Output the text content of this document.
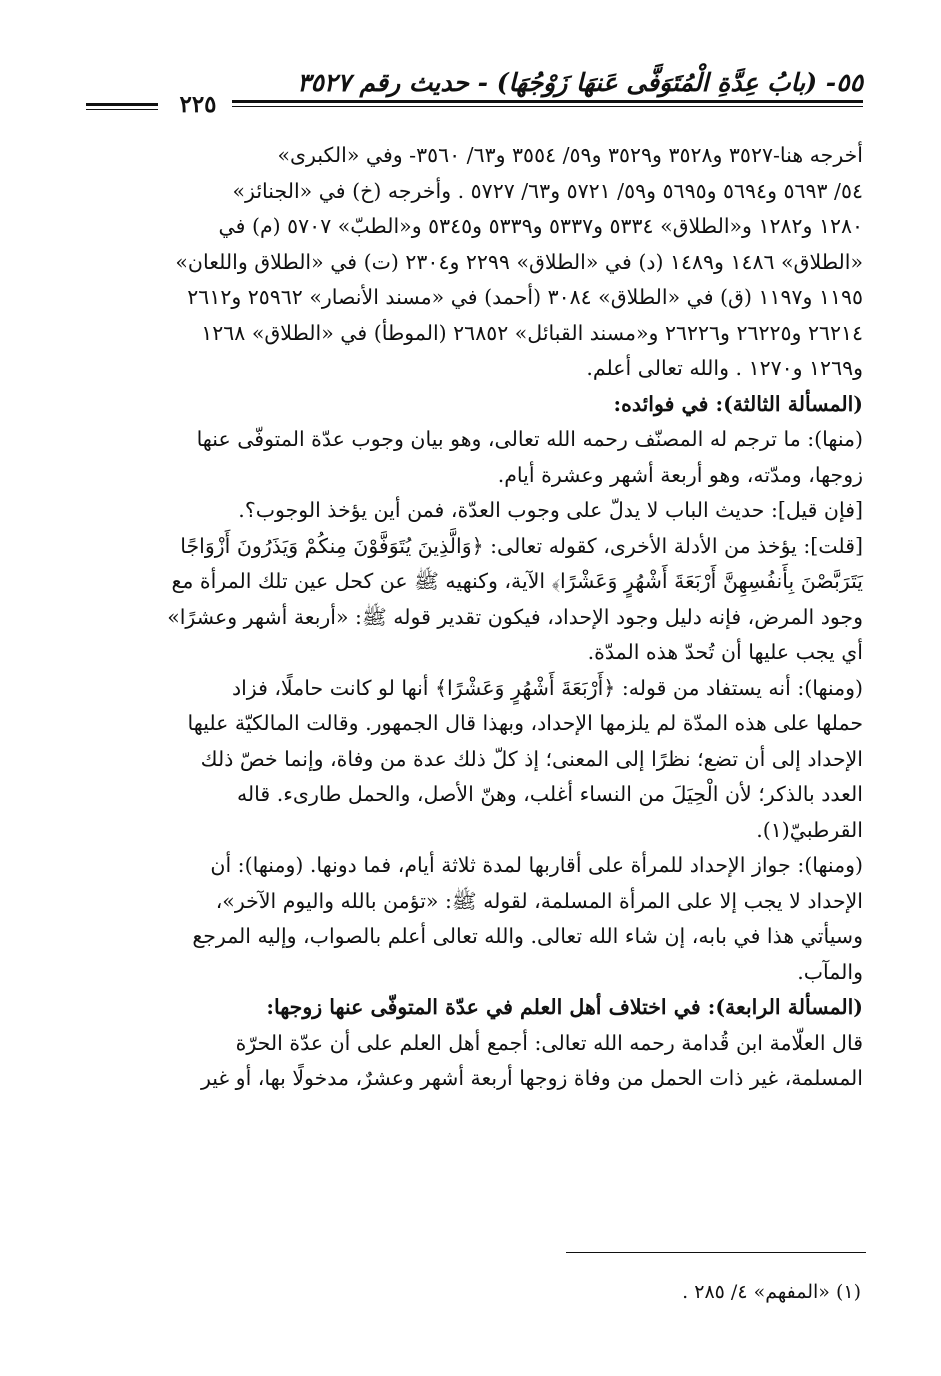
٥٥- (بابُ عِدَّةِ الْمُتَوَفَّى عَنهَا زَوْجُهَا) - حديث رقم ٣٥٢٧
٢٢٥
أخرجه هنا-٣٥٢٧ و٣٥٢٨ و٣٥٢٩ و٥٩/ ٣٥٥٤ و٦٣/ ٣٥٦٠- وفي «الكبرى»
٥٤/ ٥٦٩٣ و٥٦٩٤ و٥٦٩٥ و٥٩/ ٥٧٢١ و٦٣/ ٥٧٢٧ . وأخرجه (خ) في «الجنائز»
١٢٨٠ و١٢٨٢ و«الطلاق» ٥٣٣٤ و٥٣٣٧ و٥٣٣٩ و٥٣٤٥ و«الطبّ» ٥٧٠٧ (م) في
«الطلاق» ١٤٨٦ و١٤٨٩ (د) في «الطلاق» ٢٢٩٩ و٢٣٠٤ (ت) في «الطلاق واللعان»
١١٩٥ و١١٩٧ (ق) في «الطلاق» ٣٠٨٤ (أحمد) في «مسند الأنصار» ٢٥٩٦٢ و٢٦١٢
٢٦٢١٤ و٢٦٢٢٥ و٢٦٢٢٦ و«مسند القبائل» ٢٦٨٥٢ (الموطأ) في «الطلاق» ١٢٦٨
و١٢٦٩ و١٢٧٠ . والله تعالى أعلم.
(المسألة الثالثة): في فوائده:
(منها): ما ترجم له المصنّف رحمه الله تعالى، وهو بيان وجوب عدّة المتوفّى عنها
زوجها، ومدّته، وهو أربعة أشهر وعشرة أيام.
[فإن قيل]: حديث الباب لا يدلّ على وجوب العدّة، فمن أين يؤخذ الوجوب؟.
[قلت]: يؤخذ من الأدلة الأخرى، كقوله تعالى: ﴿وَالَّذِينَ يُتَوَفَّوْنَ مِنكُمْ وَيَذَرُونَ أَزْوَاجًا
يَتَرَبَّصْنَ بِأَنفُسِهِنَّ أَرْبَعَةَ أَشْهُرٍ وَعَشْرًا﴾ الآية، وكنهيه ﷺ عن كحل عين تلك المرأة مع
وجود المرض، فإنه دليل وجود الإحداد، فيكون تقدير قوله ﷺ: «أربعة أشهر وعشرًا»
أي يجب عليها أن تُحدّ هذه المدّة.
(ومنها): أنه يستفاد من قوله: ﴿أَرْبَعَةَ أَشْهُرٍ وَعَشْرًا﴾ أنها لو كانت حاملًا، فزاد
حملها على هذه المدّة لم يلزمها الإحداد، وبهذا قال الجمهور. وقالت المالكيّة عليها
الإحداد إلى أن تضع؛ نظرًا إلى المعنى؛ إذ كلّ ذلك عدة من وفاة، وإنما خصّ ذلك
العدد بالذكر؛ لأن الْحِيَلَ من النساء أغلب، وهنّ الأصل، والحمل طارىء. قاله
القرطبيّ(١).
(ومنها): جواز الإحداد للمرأة على أقاربها لمدة ثلاثة أيام، فما دونها. (ومنها): أن
الإحداد لا يجب إلا على المرأة المسلمة، لقوله ﷺ: «تؤمن بالله واليوم الآخر»،
وسيأتي هذا في بابه، إن شاء الله تعالى. والله تعالى أعلم بالصواب، وإليه المرجع
والمآب.
(المسألة الرابعة): في اختلاف أهل العلم في عدّة المتوفّى عنها زوجها:
قال العلّامة ابن قُدامة رحمه الله تعالى: أجمع أهل العلم على أن عدّة الحرّة
المسلمة، غير ذات الحمل من وفاة زوجها أربعة أشهر وعشرٌ، مدخولًا بها، أو غير
(١) «المفهم» ٤/ ٢٨٥ .
